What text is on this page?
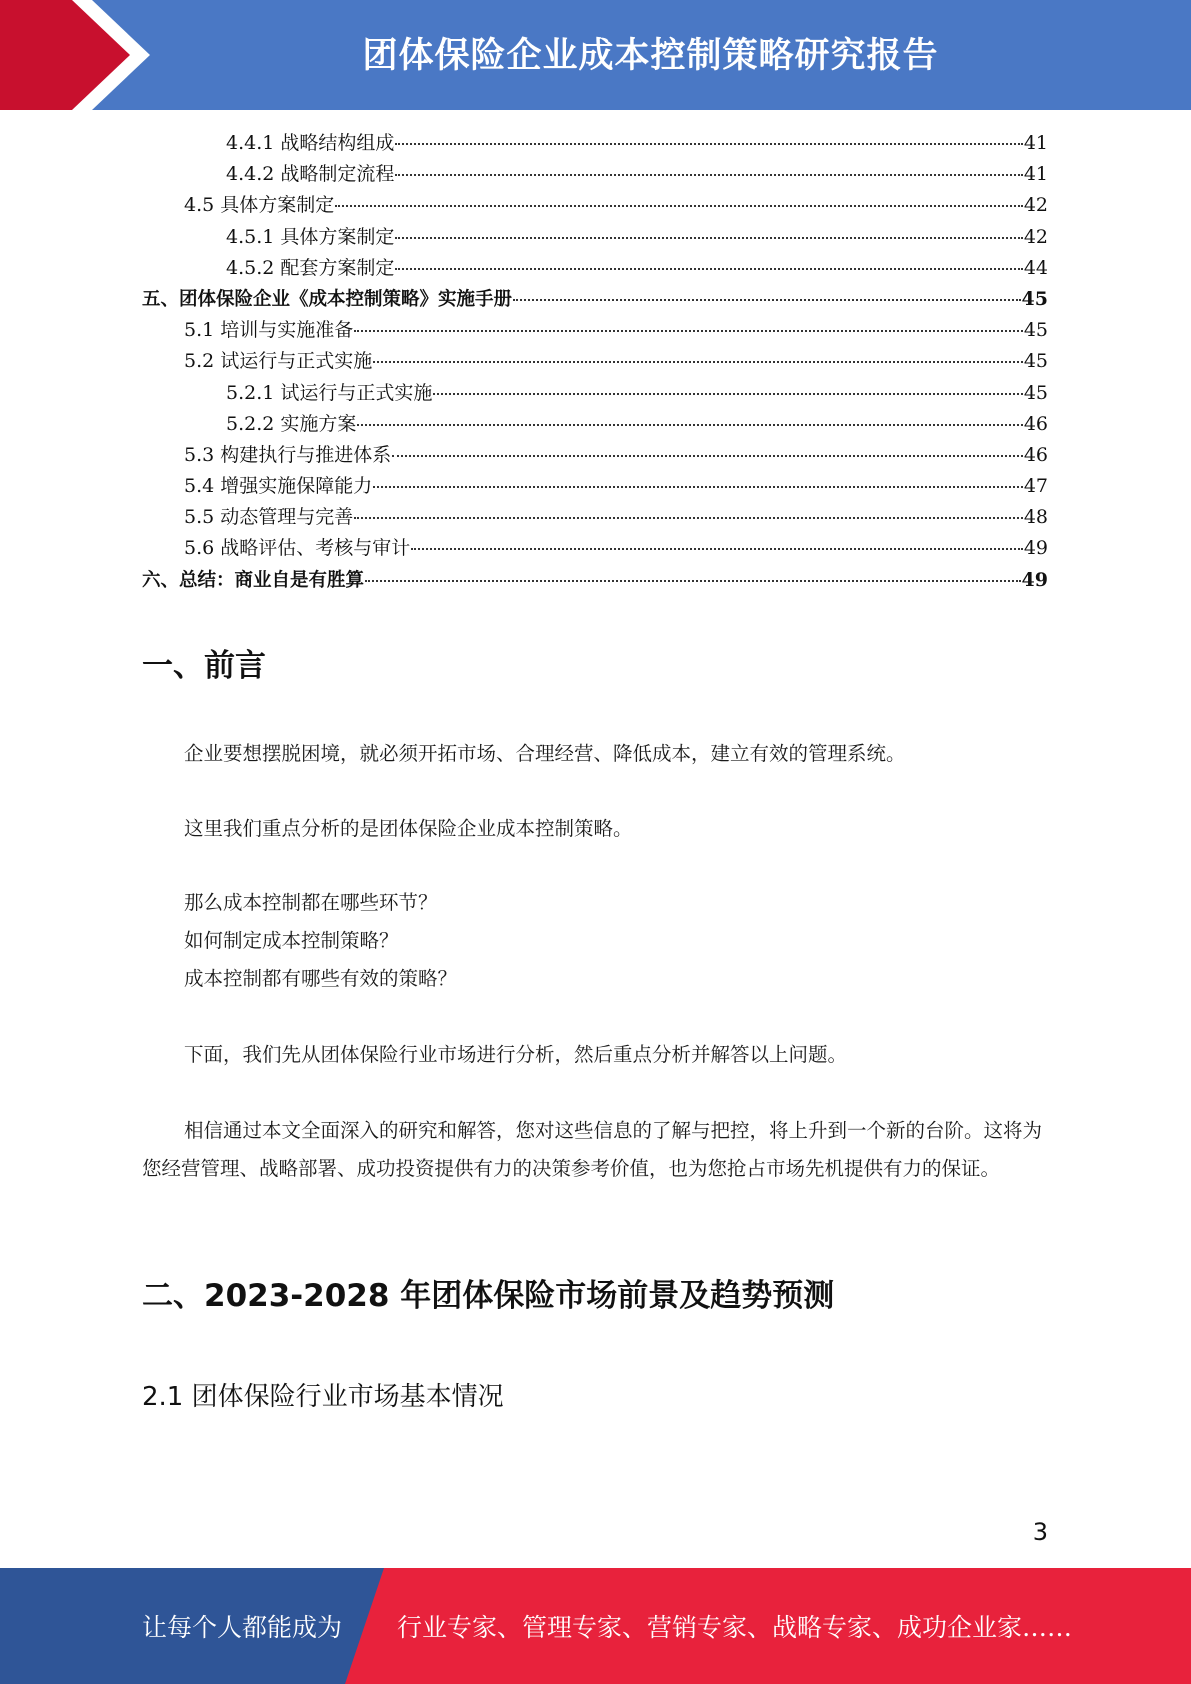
团体保险企业成本控制策略研究报告
4.4.1 战略结构组成	41
4.4.2 战略制定流程	41
4.5 具体方案制定	42
4.5.1 具体方案制定	42
4.5.2 配套方案制定	44
五、团体保险企业《成本控制策略》实施手册	45
5.1 培训与实施准备	45
5.2 试运行与正式实施	45
5.2.1 试运行与正式实施	45
5.2.2 实施方案	46
5.3 构建执行与推进体系	46
5.4 增强实施保障能力	47
5.5 动态管理与完善	48
5.6 战略评估、考核与审计	49
六、总结：商业自是有胜算	49
一、前言

企业要想摆脱困境，就必须开拓市场、合理经营、降低成本，建立有效的管理系统。

这里我们重点分析的是团体保险企业成本控制策略。

那么成本控制都在哪些环节？

如何制定成本控制策略？

成本控制都有哪些有效的策略？

下面，我们先从团体保险行业市场进行分析，然后重点分析并解答以上问题。

相信通过本文全面深入的研究和解答，您对这些信息的了解与把控，将上升到一个新的台阶。这将为您经营管理、战略部署、成功投资提供有力的决策参考价值，也为您抢占市场先机提供有力的保证。

二、2023-2028 年团体保险市场前景及趋势预测
2.1 团体保险行业市场基本情况
3
让每个人都能成为 行业专家、管理专家、营销专家、战略专家、成功企业家……
